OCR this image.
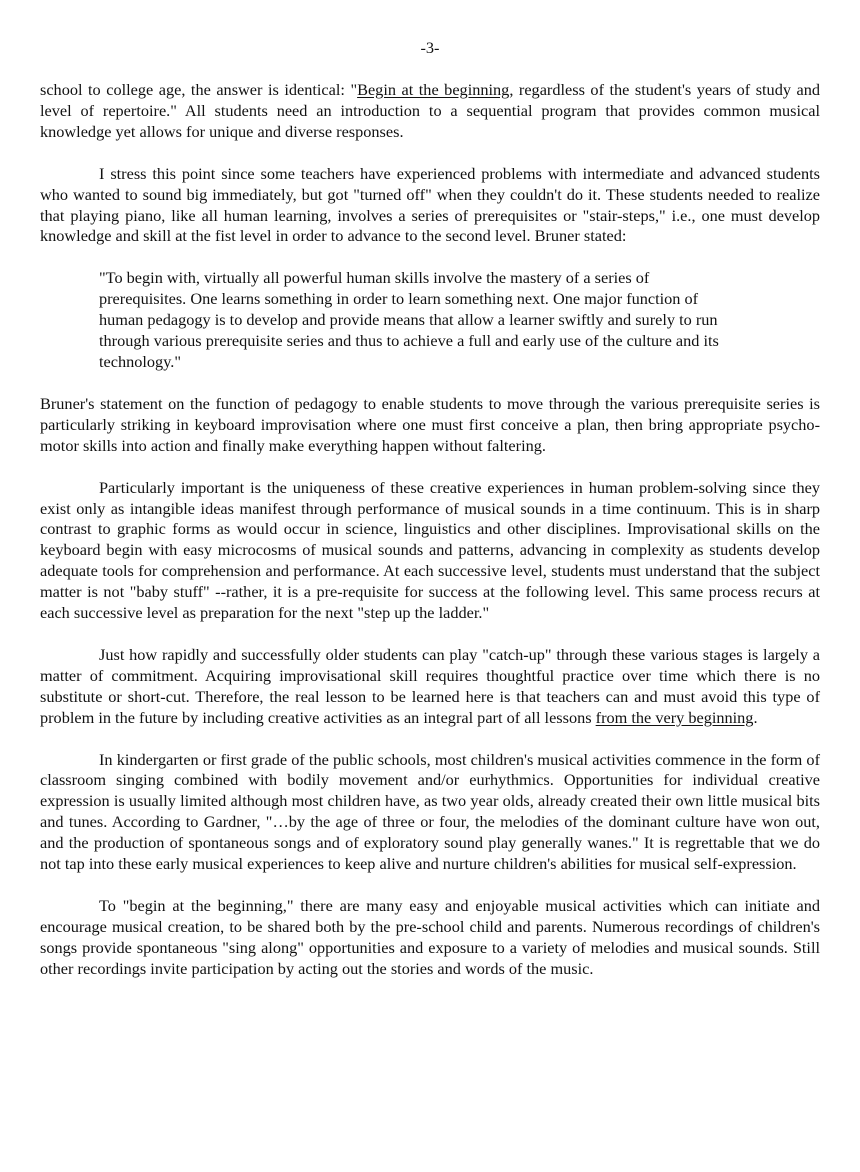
-3-

school to college age, the answer is identical: "Begin at the beginning, regardless of the student's years of study and level of repertoire." All students need an introduction to a sequential program that provides common musical knowledge yet allows for unique and diverse responses.

I stress this point since some teachers have experienced problems with intermediate and advanced students who wanted to sound big immediately, but got "turned off" when they couldn't do it. These students needed to realize that playing piano, like all human learning, involves a series of prerequisites or "stair-steps," i.e., one must develop knowledge and skill at the fist level in order to advance to the second level. Bruner stated:

"To begin with, virtually all powerful human skills involve the mastery of a series of prerequisites. One learns something in order to learn something next. One major function of human pedagogy is to develop and provide means that allow a learner swiftly and surely to run through various prerequisite series and thus to achieve a full and early use of the culture and its technology."

Bruner's statement on the function of pedagogy to enable students to move through the various prerequisite series is particularly striking in keyboard improvisation where one must first conceive a plan, then bring appropriate psycho-motor skills into action and finally make everything happen without faltering.

Particularly important is the uniqueness of these creative experiences in human problem-solving since they exist only as intangible ideas manifest through performance of musical sounds in a time continuum. This is in sharp contrast to graphic forms as would occur in science, linguistics and other disciplines. Improvisational skills on the keyboard begin with easy microcosms of musical sounds and patterns, advancing in complexity as students develop adequate tools for comprehension and performance. At each successive level, students must understand that the subject matter is not "baby stuff" --rather, it is a pre-requisite for success at the following level. This same process recurs at each successive level as preparation for the next "step up the ladder."

Just how rapidly and successfully older students can play "catch-up" through these various stages is largely a matter of commitment. Acquiring improvisational skill requires thoughtful practice over time which there is no substitute or short-cut. Therefore, the real lesson to be learned here is that teachers can and must avoid this type of problem in the future by including creative activities as an integral part of all lessons from the very beginning.

In kindergarten or first grade of the public schools, most children's musical activities commence in the form of classroom singing combined with bodily movement and/or eurhythmics. Opportunities for individual creative expression is usually limited although most children have, as two year olds, already created their own little musical bits and tunes. According to Gardner, "…by the age of three or four, the melodies of the dominant culture have won out, and the production of spontaneous songs and of exploratory sound play generally wanes." It is regrettable that we do not tap into these early musical experiences to keep alive and nurture children's abilities for musical self-expression.

To "begin at the beginning," there are many easy and enjoyable musical activities which can initiate and encourage musical creation, to be shared both by the pre-school child and parents. Numerous recordings of children's songs provide spontaneous "sing along" opportunities and exposure to a variety of melodies and musical sounds. Still other recordings invite participation by acting out the stories and words of the music.
